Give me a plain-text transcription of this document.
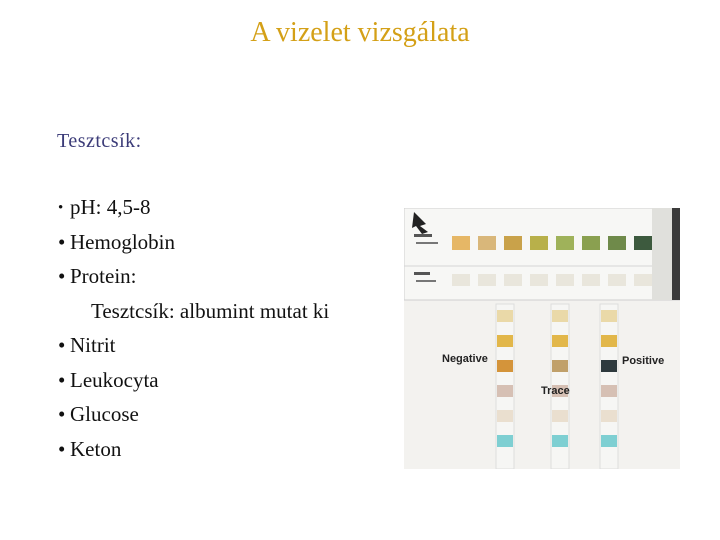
A vizelet vizsgálata
Tesztcsík:
• pH: 4,5-8
• Hemoglobin
• Protein:
Tesztcsík: albumint mutat ki
• Nitrit
• Leukocyta
• Glucose
• Keton
Negative
Trace
Positive
